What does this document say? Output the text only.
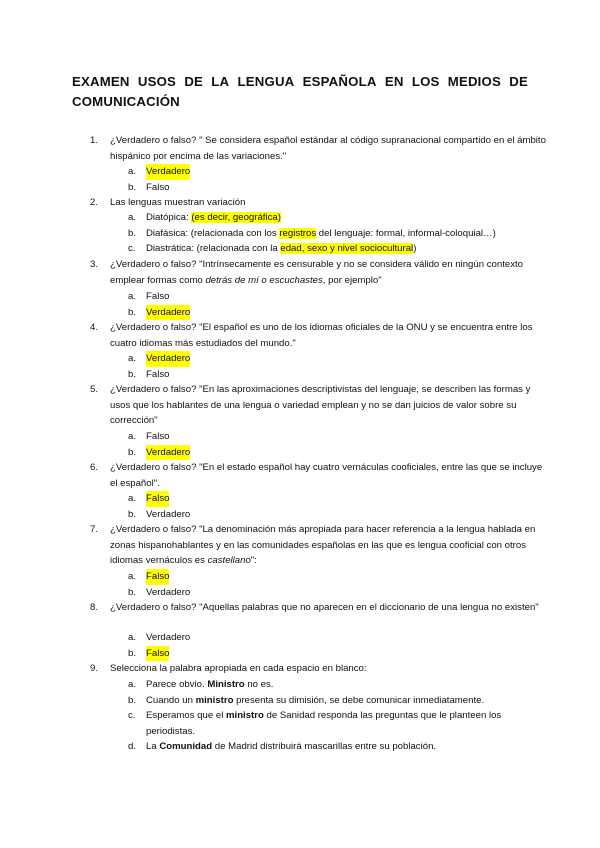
EXAMEN USOS DE LA LENGUA ESPAÑOLA EN LOS MEDIOS DE
COMUNICACIÓN
1.	¿Verdadero o falso? " Se considera español estándar al código supranacional compartido en el ámbito hispánico por encima de las variaciones."
a.	Verdadero
b.	Falso
2.	Las lenguas muestran variación
a.	Diatópica: (es decir, geográfica)
b.	Diafásica: (relacionada con los registros del lenguaje: formal, informal-coloquial…)
c.	Diastrática: (relacionada con la edad, sexo y nivel sociocultural)
3.	¿Verdadero o falso? "Intrínsecamente es censurable y no se considera válido en ningún contexto emplear formas como detrás de mí o escuchastes, por ejemplo"
a.	Falso
b.	Verdadero
4.	¿Verdadero o falso? "El español es uno de los idiomas oficiales de la ONU y se encuentra entre los cuatro idiomas más estudiados del mundo."
a.	Verdadero
b.	Falso
5.	¿Verdadero o falso? "En las aproximaciones descriptivistas del lenguaje, se describen las formas y usos que los hablantes de una lengua o variedad emplean y no se dan juicios de valor sobre su corrección"
a.	Falso
b.	Verdadero
6.	¿Verdadero o falso? "En el estado español hay cuatro vernáculas cooficiales, entre las que se incluye el español".
a.	Falso
b.	Verdadero
7.	¿Verdadero o falso? "La denominación más apropiada para hacer referencia a la lengua hablada en zonas hispanohablantes y en las comunidades españolas en las que es lengua cooficial con otros idiomas vernáculos es castellano":
a.	Falso
b.	Verdadero
8.	¿Verdadero o falso? "Aquellas palabras que no aparecen en el diccionario de una lengua no existen"
a.	Verdadero
b.	Falso
9.	Selecciona la palabra apropiada en cada espacio en blanco:
a.	Parece obvio. Ministro no es.
b.	Cuando un ministro presenta su dimisión, se debe comunicar inmediatamente.
c.	Esperamos que el ministro de Sanidad responda las preguntas que le planteen los
periodistas.
d.	La Comunidad de Madrid distribuirá mascarillas entre su población.
